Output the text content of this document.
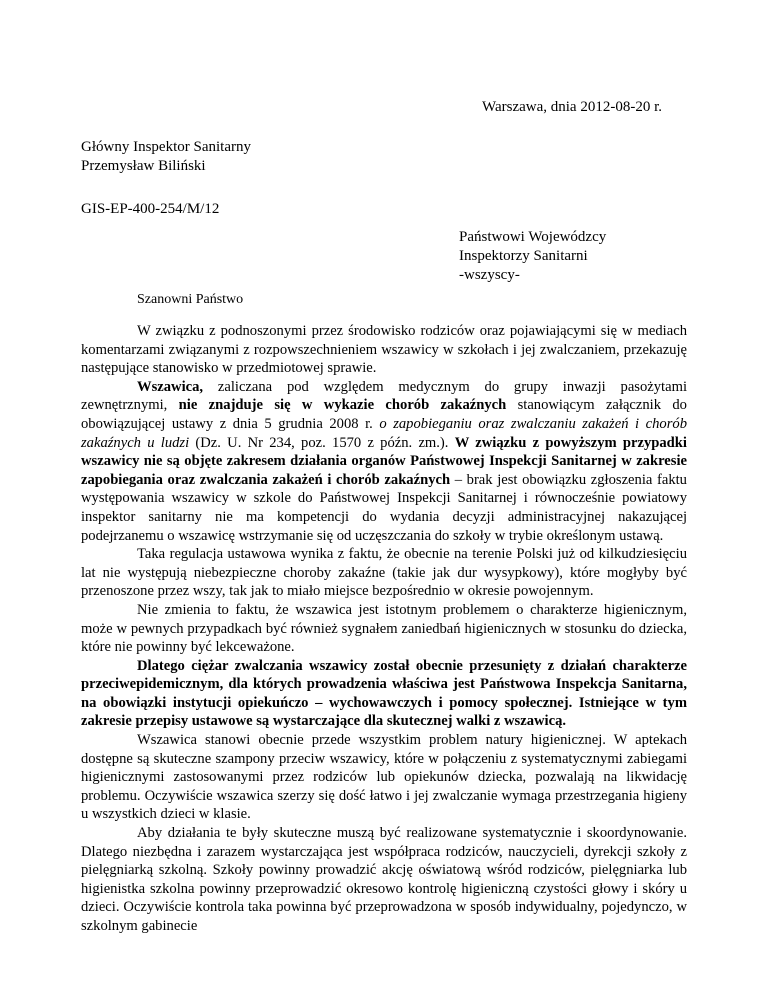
Warszawa, dnia 2012-08-20 r.
Główny Inspektor Sanitarny
Przemysław Biliński
GIS-EP-400-254/M/12
Państwowi Wojewódzcy
Inspektorzy Sanitarni
-wszyscy-
Szanowni Państwo

W związku z podnoszonymi przez środowisko rodziców oraz pojawiającymi się w mediach komentarzami związanymi z rozpowszechnieniem wszawicy w szkołach i jej zwalczaniem, przekazuję następujące stanowisko w przedmiotowej sprawie.

Wszawica, zaliczana pod względem medycznym do grupy inwazji pasożytami zewnętrznymi, nie znajduje się w wykazie chorób zakaźnych stanowiącym załącznik do obowiązującej ustawy z dnia 5 grudnia 2008 r. o zapobieganiu oraz zwalczaniu zakażeń i chorób zakaźnych u ludzi (Dz. U. Nr 234, poz. 1570 z późn. zm.). W związku z powyższym przypadki wszawicy nie są objęte zakresem działania organów Państwowej Inspekcji Sanitarnej w zakresie zapobiegania oraz zwalczania zakażeń i chorób zakaźnych – brak jest obowiązku zgłoszenia faktu występowania wszawicy w szkole do Państwowej Inspekcji Sanitarnej i równocześnie powiatowy inspektor sanitarny nie ma kompetencji do wydania decyzji administracyjnej nakazującej podejrzanemu o wszawicę wstrzymanie się od uczęszczania do szkoły w trybie określonym ustawą.

Taka regulacja ustawowa wynika z faktu, że obecnie na terenie Polski już od kilkudziesięciu lat nie występują niebezpieczne choroby zakaźne (takie jak dur wysypkowy), które mogłyby być przenoszone przez wszy, tak jak to miało miejsce bezpośrednio w okresie powojennym.

Nie zmienia to faktu, że wszawica jest istotnym problemem o charakterze higienicznym, może w pewnych przypadkach być również sygnałem zaniedbań higienicznych w stosunku do dziecka, które nie powinny być lekceważone.

Dlatego ciężar zwalczania wszawicy został obecnie przesunięty z działań charakterze przeciwepidemicznym, dla których prowadzenia właściwa jest Państwowa Inspekcja Sanitarna, na obowiązki instytucji opiekuńczo – wychowawczych i pomocy społecznej. Istniejące w tym zakresie przepisy ustawowe są wystarczające dla skutecznej walki z wszawicą.

Wszawica stanowi obecnie przede wszystkim problem natury higienicznej. W aptekach dostępne są skuteczne szampony przeciw wszawicy, które w połączeniu z systematycznymi zabiegami higienicznymi zastosowanymi przez rodziców lub opiekunów dziecka, pozwalają na likwidację problemu. Oczywiście wszawica szerzy się dość łatwo i jej zwalczanie wymaga przestrzegania higieny u wszystkich dzieci w klasie.

Aby działania te były skuteczne muszą być realizowane systematycznie i skoordynowanie. Dlatego niezbędna i zarazem wystarczająca jest współpraca rodziców, nauczycieli, dyrekcji szkoły z pielęgniarką szkolną. Szkoły powinny prowadzić akcję oświatową wśród rodziców, pielęgniarka lub higienistka szkolna powinny przeprowadzić okresowo kontrolę higieniczną czystości głowy i skóry u dzieci. Oczywiście kontrola taka powinna być przeprowadzona w sposób indywidualny, pojedynczo, w szkolnym gabinecie
